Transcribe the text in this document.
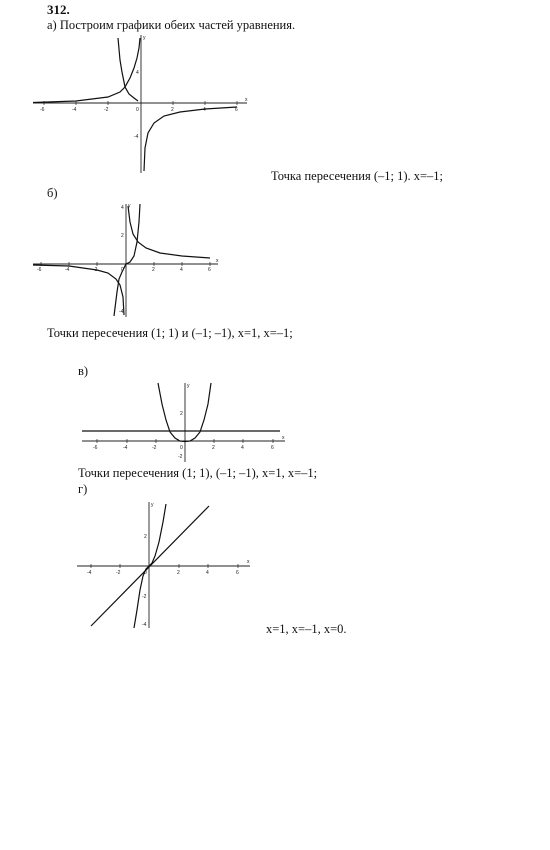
312.
а) Построим графики обеих частей уравнения.
-6	-4	-2	0	2	4	6
4
-4
x
y
Точка пересечения (–1; 1). x=–1;
б)
-6	-4	-2	0	2	4	6
4
2
-4
x
y
Точки пересечения (1; 1) и (–1; –1), x=1, x=–1;
в)
-6	-4	-2	0	2	4	6
2
-2
x
y
Точки пересечения (1; 1), (–1; –1), x=1, x=–1;
г)
-4	-2	0	2	4	6
2
-2
-4
x
y
x=1, x=–1, x=0.
